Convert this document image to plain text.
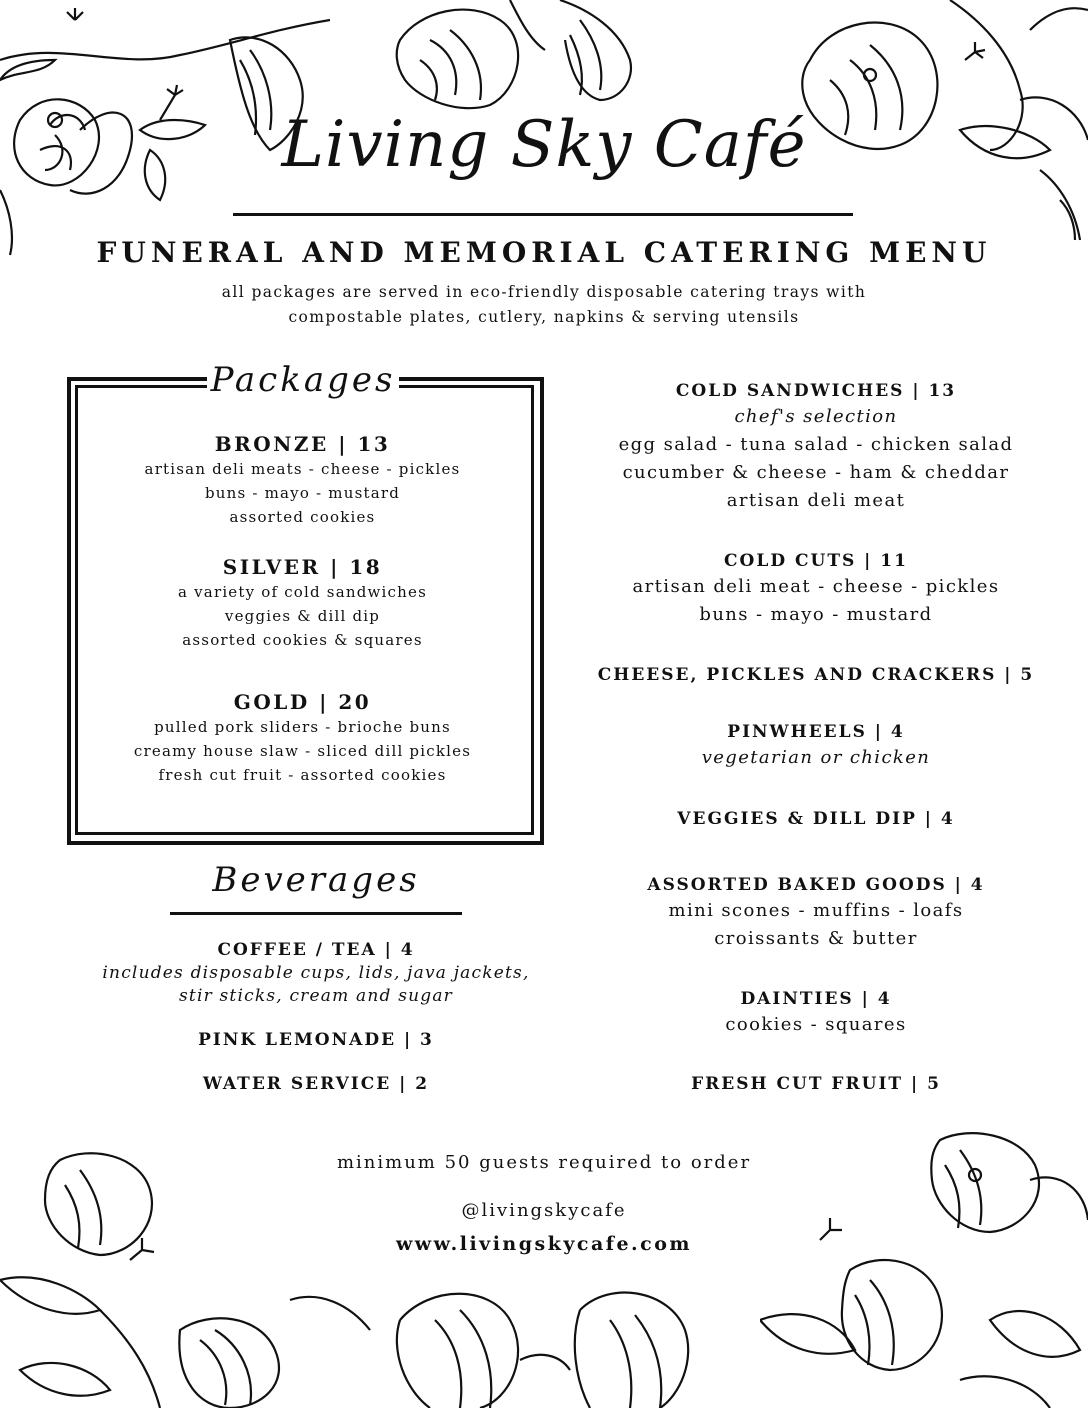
Living Sky Café
FUNERAL AND MEMORIAL CATERING MENU
all packages are served in eco-friendly disposable catering trays with
compostable plates, cutlery, napkins & serving utensils
Packages
BRONZE | 13
artisan deli meats - cheese - pickles
buns - mayo - mustard
assorted cookies
SILVER | 18
a variety of cold sandwiches
veggies & dill dip
assorted cookies & squares
GOLD | 20
pulled pork sliders - brioche buns
creamy house slaw - sliced dill pickles
fresh cut fruit - assorted cookies
Beverages
COFFEE / TEA | 4
includes disposable cups, lids, java jackets,
stir sticks, cream and sugar
PINK LEMONADE | 3
WATER SERVICE | 2
COLD SANDWICHES | 13
chef's selection
egg salad - tuna salad - chicken salad
cucumber & cheese - ham & cheddar
artisan deli meat
COLD CUTS | 11
artisan deli meat - cheese - pickles
buns - mayo - mustard
CHEESE, PICKLES AND CRACKERS | 5
PINWHEELS | 4
vegetarian or chicken
VEGGIES & DILL DIP | 4
ASSORTED BAKED GOODS | 4
mini scones - muffins - loafs
croissants & butter
DAINTIES | 4
cookies - squares
FRESH CUT FRUIT | 5
minimum 50 guests required to order
@livingskycafe
www.livingskycafe.com
